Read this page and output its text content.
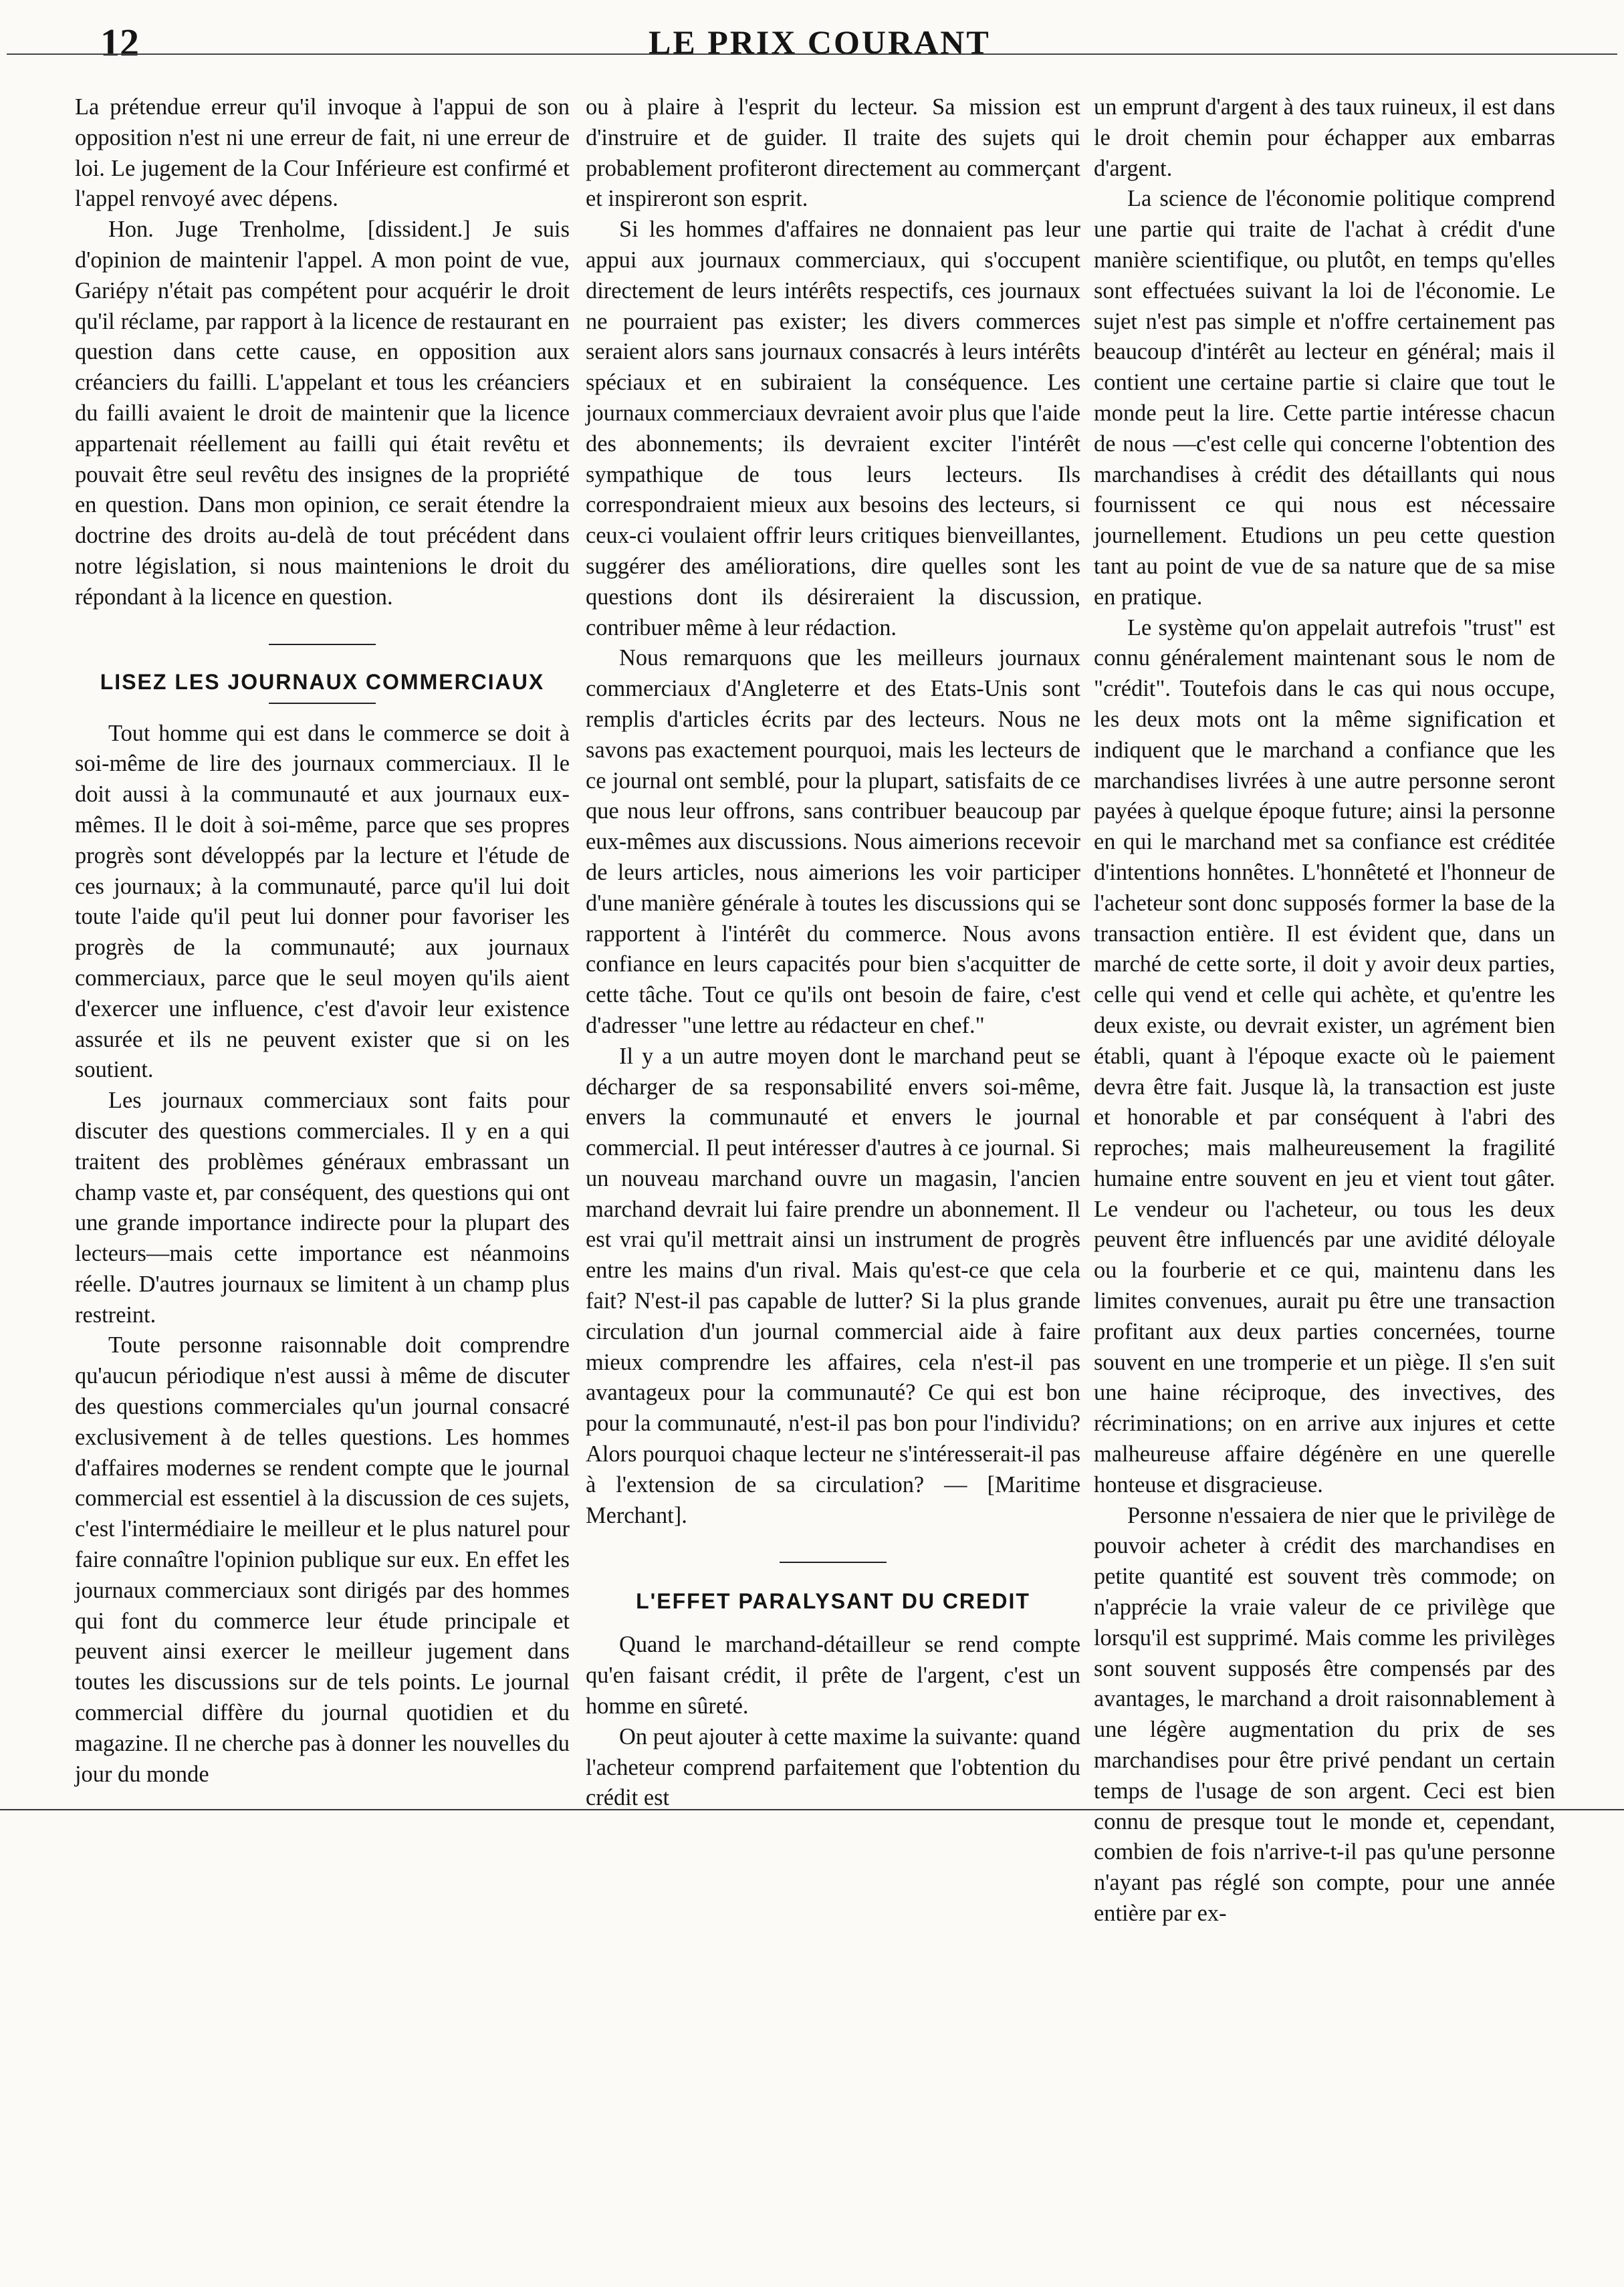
12	LE PRIX COURANT

La prétendue erreur qu'il invoque à l'appui de son opposition n'est ni une erreur de fait, ni une erreur de loi. Le jugement de la Cour Inférieure est confirmé et l'appel renvoyé avec dépens.

Hon. Juge Trenholme, [dissident.] Je suis d'opinion de maintenir l'appel. A mon point de vue, Gariépy n'était pas compétent pour acquérir le droit qu'il réclame, par rapport à la licence de restaurant en question dans cette cause, en opposition aux créanciers du failli. L'appelant et tous les créanciers du failli avaient le droit de maintenir que la licence appartenait réellement au failli qui était revêtu et pouvait être seul revêtu des insignes de la propriété en question. Dans mon opinion, ce serait étendre la doctrine des droits au-delà de tout précédent dans notre législation, si nous maintenions le droit du répondant à la licence en question.

LISEZ LES JOURNAUX COMMERCIAUX

Tout homme qui est dans le commerce se doit à soi-même de lire des journaux commerciaux. Il le doit aussi à la communauté et aux journaux eux-mêmes. Il le doit à soi-même, parce que ses propres progrès sont développés par la lecture et l'étude de ces journaux; à la communauté, parce qu'il lui doit toute l'aide qu'il peut lui donner pour favoriser les progrès de la communauté; aux journaux commerciaux, parce que le seul moyen qu'ils aient d'exercer une influence, c'est d'avoir leur existence assurée et ils ne peuvent exister que si on les soutient.

Les journaux commerciaux sont faits pour discuter des questions commerciales. Il y en a qui traitent des problèmes généraux embrassant un champ vaste et, par conséquent, des questions qui ont une grande importance indirecte pour la plupart des lecteurs—mais cette importance est néanmoins réelle. D'autres journaux se limitent à un champ plus restreint.

Toute personne raisonnable doit comprendre qu'aucun périodique n'est aussi à même de discuter des questions commerciales qu'un journal consacré exclusivement à de telles questions. Les hommes d'affaires modernes se rendent compte que le journal commercial est essentiel à la discussion de ces sujets, c'est l'intermédiaire le meilleur et le plus naturel pour faire connaître l'opinion publique sur eux. En effet les journaux commerciaux sont dirigés par des hommes qui font du commerce leur étude principale et peuvent ainsi exercer le meilleur jugement dans toutes les discussions sur de tels points. Le journal commercial diffère du journal quotidien et du magazine. Il ne cherche pas à donner les nouvelles du jour du monde

ou à plaire à l'esprit du lecteur. Sa mission est d'instruire et de guider. Il traite des sujets qui probablement profiteront directement au commerçant et inspireront son esprit.

Si les hommes d'affaires ne donnaient pas leur appui aux journaux commerciaux, qui s'occupent directement de leurs intérêts respectifs, ces journaux ne pourraient pas exister; les divers commerces seraient alors sans journaux consacrés à leurs intérêts spéciaux et en subiraient la conséquence. Les journaux commerciaux devraient avoir plus que l'aide des abonnements; ils devraient exciter l'intérêt sympathique de tous leurs lecteurs. Ils correspondraient mieux aux besoins des lecteurs, si ceux-ci voulaient offrir leurs critiques bienveillantes, suggérer des améliorations, dire quelles sont les questions dont ils désireraient la discussion, contribuer même à leur rédaction.

Nous remarquons que les meilleurs journaux commerciaux d'Angleterre et des Etats-Unis sont remplis d'articles écrits par des lecteurs. Nous ne savons pas exactement pourquoi, mais les lecteurs de ce journal ont semblé, pour la plupart, satisfaits de ce que nous leur offrons, sans contribuer beaucoup par eux-mêmes aux discussions. Nous aimerions recevoir de leurs articles, nous aimerions les voir participer d'une manière générale à toutes les discussions qui se rapportent à l'intérêt du commerce. Nous avons confiance en leurs capacités pour bien s'acquitter de cette tâche. Tout ce qu'ils ont besoin de faire, c'est d'adresser "une lettre au rédacteur en chef."

Il y a un autre moyen dont le marchand peut se décharger de sa responsabilité envers soi-même, envers la communauté et envers le journal commercial. Il peut intéresser d'autres à ce journal. Si un nouveau marchand ouvre un magasin, l'ancien marchand devrait lui faire prendre un abonnement. Il est vrai qu'il mettrait ainsi un instrument de progrès entre les mains d'un rival. Mais qu'est-ce que cela fait? N'est-il pas capable de lutter? Si la plus grande circulation d'un journal commercial aide à faire mieux comprendre les affaires, cela n'est-il pas avantageux pour la communauté? Ce qui est bon pour la communauté, n'est-il pas bon pour l'individu? Alors pourquoi chaque lecteur ne s'intéresserait-il pas à l'extension de sa circulation? — [Maritime Merchant].

L'EFFET PARALYSANT DU CREDIT

Quand le marchand-détailleur se rend compte qu'en faisant crédit, il prête de l'argent, c'est un homme en sûreté.

On peut ajouter à cette maxime la suivante: quand l'acheteur comprend parfaitement que l'obtention du crédit est

un emprunt d'argent à des taux ruineux, il est dans le droit chemin pour échapper aux embarras d'argent.

La science de l'économie politique comprend une partie qui traite de l'achat à crédit d'une manière scientifique, ou plutôt, en temps qu'elles sont effectuées suivant la loi de l'économie. Le sujet n'est pas simple et n'offre certainement pas beaucoup d'intérêt au lecteur en général; mais il contient une certaine partie si claire que tout le monde peut la lire. Cette partie intéresse chacun de nous —c'est celle qui concerne l'obtention des marchandises à crédit des détaillants qui nous fournissent ce qui nous est nécessaire journellement. Etudions un peu cette question tant au point de vue de sa nature que de sa mise en pratique.

Le système qu'on appelait autrefois "trust" est connu généralement maintenant sous le nom de "crédit". Toutefois dans le cas qui nous occupe, les deux mots ont la même signification et indiquent que le marchand a confiance que les marchandises livrées à une autre personne seront payées à quelque époque future; ainsi la personne en qui le marchand met sa confiance est créditée d'intentions honnêtes. L'honnêteté et l'honneur de l'acheteur sont donc supposés former la base de la transaction entière. Il est évident que, dans un marché de cette sorte, il doit y avoir deux parties, celle qui vend et celle qui achète, et qu'entre les deux existe, ou devrait exister, un agrément bien établi, quant à l'époque exacte où le paiement devra être fait. Jusque là, la transaction est juste et honorable et par conséquent à l'abri des reproches; mais malheureusement la fragilité humaine entre souvent en jeu et vient tout gâter. Le vendeur ou l'acheteur, ou tous les deux peuvent être influencés par une avidité déloyale ou la fourberie et ce qui, maintenu dans les limites convenues, aurait pu être une transaction profitant aux deux parties concernées, tourne souvent en une tromperie et un piège. Il s'en suit une haine réciproque, des invectives, des récriminations; on en arrive aux injures et cette malheureuse affaire dégénère en une querelle honteuse et disgracieuse.

Personne n'essaiera de nier que le privilège de pouvoir acheter à crédit des marchandises en petite quantité est souvent très commode; on n'apprécie la vraie valeur de ce privilège que lorsqu'il est supprimé. Mais comme les privilèges sont souvent supposés être compensés par des avantages, le marchand a droit raisonnablement à une légère augmentation du prix de ses marchandises pour être privé pendant un certain temps de l'usage de son argent. Ceci est bien connu de presque tout le monde et, cependant, combien de fois n'arrive-t-il pas qu'une personne n'ayant pas réglé son compte, pour une année entière par ex-
